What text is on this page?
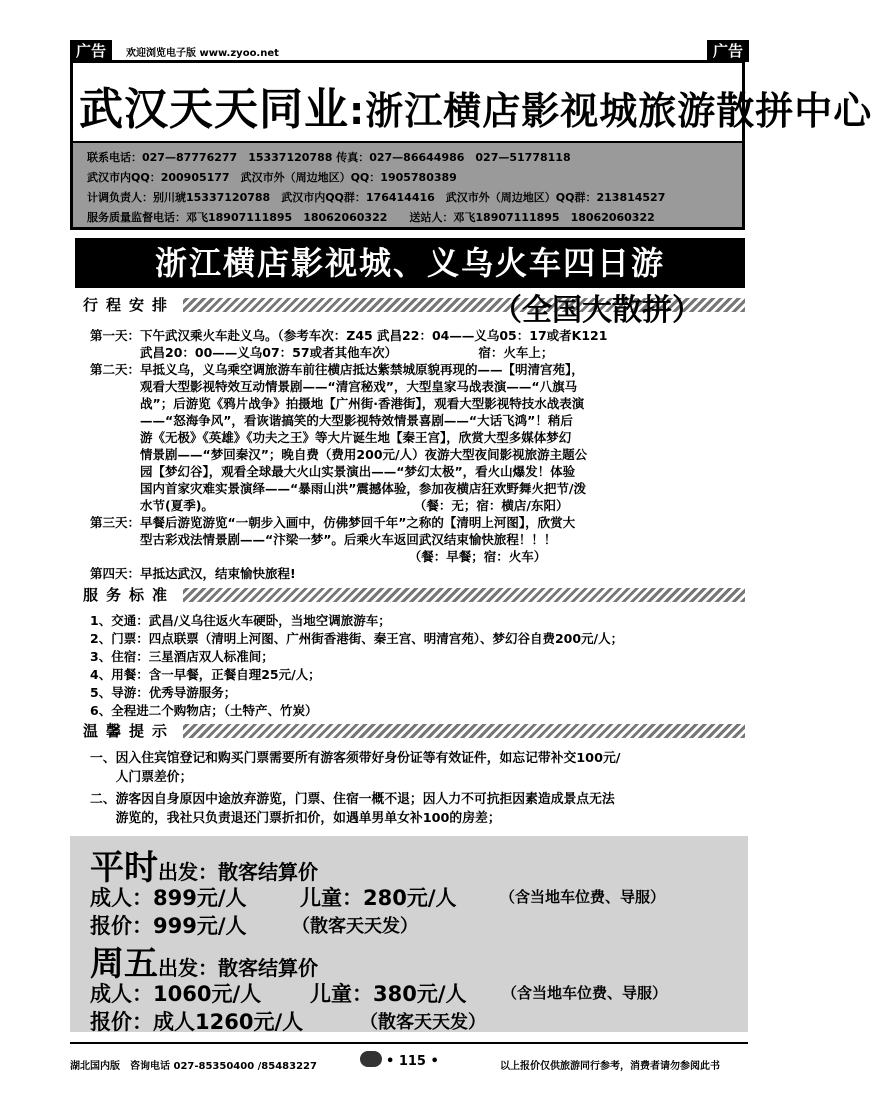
广告	欢迎浏览电子版 www.zyoo.net	广告
武汉天天同业:浙江横店影视城旅游散拼中心
联系电话：027—87776277　15337120788 传真：027—86644986　027—51778118
武汉市内QQ：200905177　武汉市外（周边地区）QQ：1905780389
计调负责人：别川琥15337120788　武汉市内QQ群：176414416　武汉市外（周边地区）QQ群：213814527
服务质量监督电话：邓飞18907111895　18062060322　　送站人：邓飞18907111895　18062060322
浙江横店影视城、义乌火车四日游
行程安排	（全国大散拼）
第一天：下午武汉乘火车赴义乌。（参考车次：Z45 武昌22：04——义乌05：17或者K121
　　　　武昌20：00——义乌07：57或者其他车次）　　　　　　　宿：火车上；
第二天：早抵义乌，义乌乘空调旅游车前往横店抵达紫禁城原貌再现的——【明清宫苑】，
　　　　观看大型影视特效互动情景剧——“清宫秘戏”，大型皇家马战表演——“八旗马
　　　　战”；后游览《鸦片战争》拍摄地【广州街·香港街】，观看大型影视特技水战表演
　　　　——“怒海争风”，看诙谐搞笑的大型影视特效情景喜剧——“大话飞鸿”！稍后
　　　　游《无极》《英雄》《功夫之王》等大片诞生地【秦王宫】，欣赏大型多媒体梦幻
　　　　情景剧——“梦回秦汉”；晚自费（费用200元/人）夜游大型夜间影视旅游主题公
　　　　园【梦幻谷】，观看全球最大火山实景演出——“梦幻太极”，看火山爆发！体验
　　　　国内首家灾难实景演绎——“暴雨山洪”震撼体验，参加夜横店狂欢野舞火把节/泼
　　　　水节(夏季)。　　　　　　　　　　　　　　　　　（餐：无；宿：横店/东阳）
第三天：早餐后游览游览“一朝步入画中，仿佛梦回千年”之称的【清明上河图】，欣赏大
　　　　型古彩戏法情景剧——“汴梁一梦”。后乘火车返回武汉结束愉快旅程！！！
　　　　　　　　　　　　　　　　　　　　　　　　　　（餐：早餐；宿：火车）
第四天：早抵达武汉，结束愉快旅程!
服务标准
1、交通：武昌/义乌往返火车硬卧，当地空调旅游车；
2、门票：四点联票（清明上河图、广州街香港街、秦王宫、明清宫苑）、梦幻谷自费200元/人；
3、住宿：三星酒店双人标准间；
4、用餐：含一早餐，正餐自理25元/人；
5、导游：优秀导游服务；
6、全程进二个购物店；（土特产、竹炭）
温馨提示
一、因入住宾馆登记和购买门票需要所有游客须带好身份证等有效证件，如忘记带补交100元/
　　人门票差价；
二、游客因自身原因中途放弃游览，门票、住宿一概不退；因人力不可抗拒因素造成景点无法
　　游览的，我社只负责退还门票折扣价，如遇单男单女补100的房差；
平时出发：散客结算价
成人：899元/人	儿童：280元/人	（含当地车位费、导服）
报价：999元/人	（散客天天发）
周五出发：散客结算价
成人：1060元/人 儿童：380元/人 （含当地车位费、导服）
报价：成人1260元/人	（散客天天发）
湖北国内版　咨询电话 027-85350400 /85483227	• 115 •	以上报价仅供旅游同行参考，消费者请勿参阅此书
